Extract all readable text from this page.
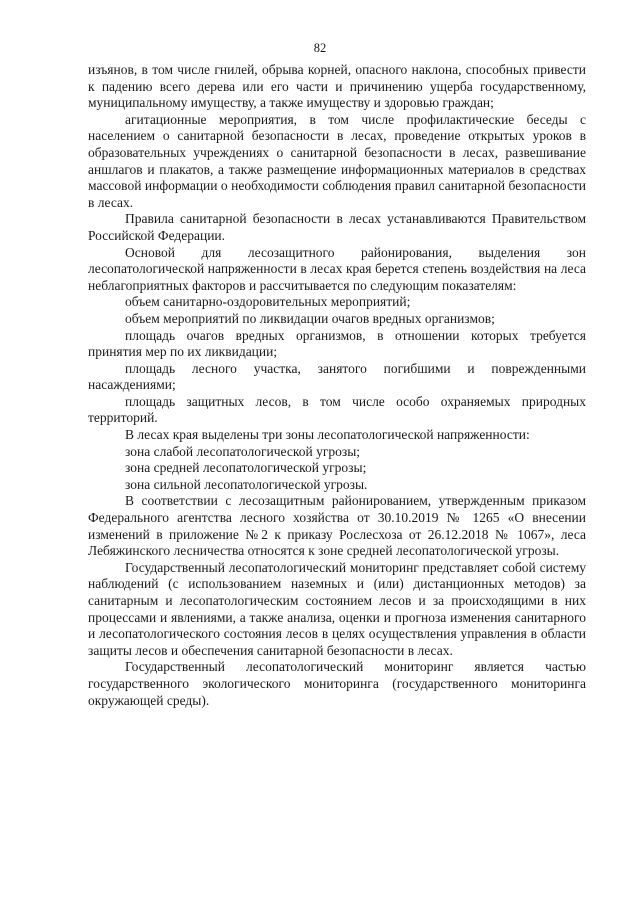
82

изъянов, в том числе гнилей, обрыва корней, опасного наклона, способных привести к падению всего дерева или его части и причинению ущерба государственному, муниципальному имуществу, а также имуществу и здоровью граждан;

агитационные мероприятия, в том числе профилактические беседы с населением о санитарной безопасности в лесах, проведение открытых уроков в образовательных учреждениях о санитарной безопасности в лесах, развешивание аншлагов и плакатов, а также размещение информационных материалов в средствах массовой информации о необходимости соблюдения правил санитарной безопасности в лесах.

Правила санитарной безопасности в лесах устанавливаются Правительством Российской Федерации.

Основой для лесозащитного районирования, выделения зон лесопатологической напряженности в лесах края берется степень воздействия на леса неблагоприятных факторов и рассчитывается по следующим показателям:

объем санитарно-оздоровительных мероприятий;

объем мероприятий по ликвидации очагов вредных организмов;

площадь очагов вредных организмов, в отношении которых требуется принятия мер по их ликвидации;

площадь лесного участка, занятого погибшими и поврежденными насаждениями;

площадь защитных лесов, в том числе особо охраняемых природных территорий.

В лесах края выделены три зоны лесопатологической напряженности:

зона слабой лесопатологической угрозы;

зона средней лесопатологической угрозы;

зона сильной лесопатологической угрозы.

В соответствии с лесозащитным районированием, утвержденным приказом Федерального агентства лесного хозяйства от 30.10.2019 № 1265 «О внесении изменений в приложение №2 к приказу Рослесхоза от 26.12.2018 № 1067», леса Лебяжинского лесничества относятся к зоне средней лесопатологической угрозы.

Государственный лесопатологический мониторинг представляет собой систему наблюдений (с использованием наземных и (или) дистанционных методов) за санитарным и лесопатологическим состоянием лесов и за происходящими в них процессами и явлениями, а также анализа, оценки и прогноза изменения санитарного и лесопатологического состояния лесов в целях осуществления управления в области защиты лесов и обеспечения санитарной безопасности в лесах.

Государственный лесопатологический мониторинг является частью государственного экологического мониторинга (государственного мониторинга окружающей среды).
